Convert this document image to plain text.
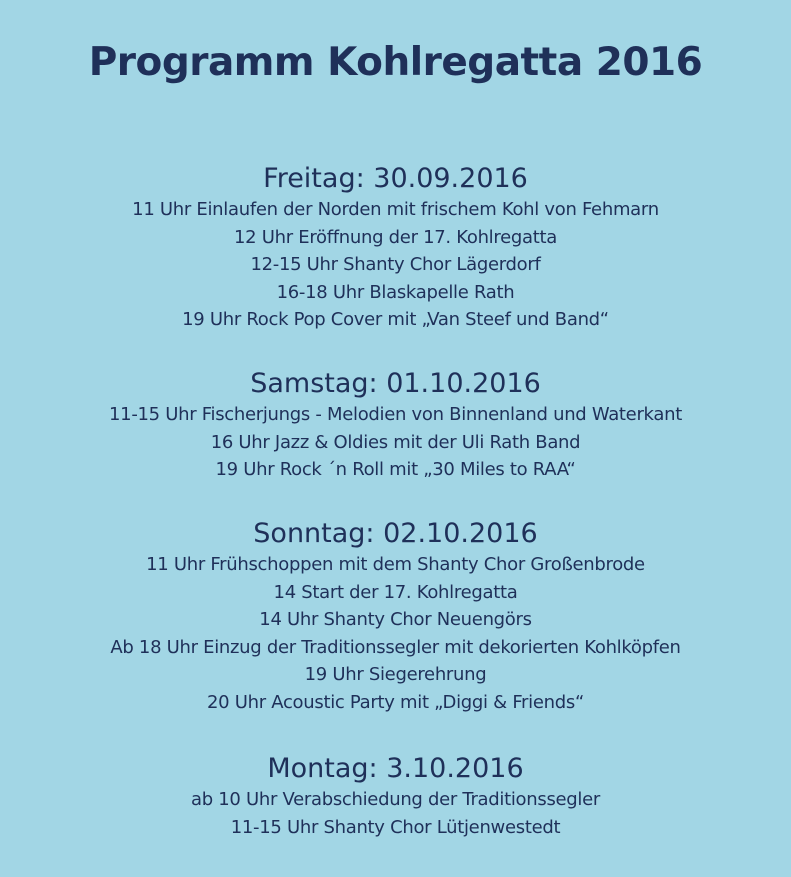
Programm Kohlregatta 2016
Freitag: 30.09.2016

11 Uhr Einlaufen der Norden mit frischem Kohl von Fehmarn

12 Uhr Eröffnung der 17. Kohlregatta

12-15 Uhr Shanty Chor Lägerdorf

16-18 Uhr Blaskapelle Rath

19 Uhr Rock Pop Cover mit „Van Steef und Band“

Samstag: 01.10.2016

11-15 Uhr Fischerjungs - Melodien von Binnenland und Waterkant

16 Uhr Jazz & Oldies mit der Uli Rath Band

19 Uhr Rock ´n Roll mit „30 Miles to RAA“

Sonntag: 02.10.2016

11 Uhr Frühschoppen mit dem Shanty Chor Großenbrode

14 Start der 17. Kohlregatta

14 Uhr Shanty Chor Neuengörs

Ab 18 Uhr Einzug der Traditionssegler mit dekorierten Kohlköpfen

19 Uhr Siegerehrung

20 Uhr Acoustic Party mit „Diggi & Friends“

Montag: 3.10.2016

ab 10 Uhr Verabschiedung der Traditionssegler

11-15 Uhr Shanty Chor Lütjenwestedt
